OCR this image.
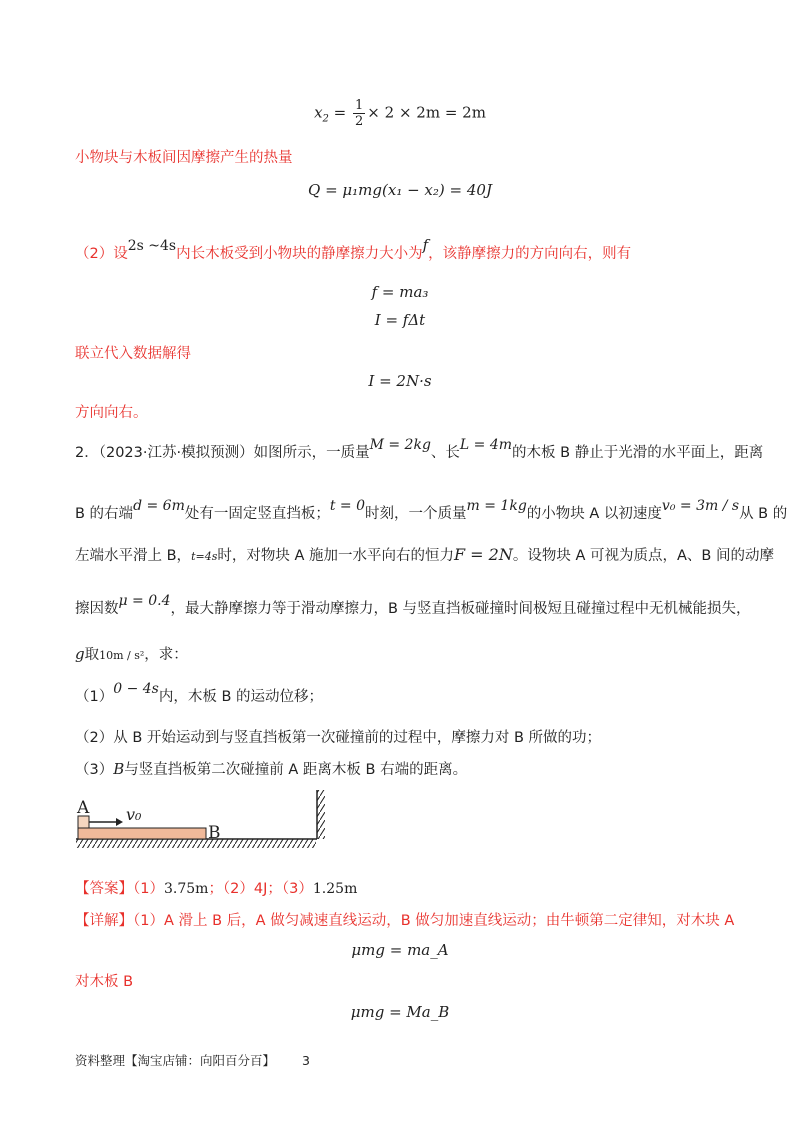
$x_2 = \frac{1}{2} \times 2 \times 2m = 2m$
小物块与木板间因摩擦产生的热量
Q = μ₁mg(x₁ − x₂) = 40J
（2）设2s ~4s内长木板受到小物块的静摩擦力大小为f，该静摩擦力的方向向右，则有
f = ma₃
I = fΔt
联立代入数据解得
I = 2N·s
方向向右。
2．（2023·江苏·模拟预测）如图所示，一质量M = 2kg、长L = 4m的木板 B 静止于光滑的水平面上，距离
B 的右端d = 6m处有一固定竖直挡板；t = 0时刻，一个质量m = 1kg的小物块 A 以初速度v₀ = 3m / s从 B 的
左端水平滑上 B，t=4s时，对物块 A 施加一水平向右的恒力F = 2N。设物块 A 可视为质点，A、B 间的动摩
擦因数μ = 0.4，最大静摩擦力等于滑动摩擦力，B 与竖直挡板碰撞时间极短且碰撞过程中无机械能损失，
g取10m / s²，求：
（1）0 − 4s内，木板 B 的运动位移；
（2）从 B 开始运动到与竖直挡板第一次碰撞前的过程中，摩擦力对 B 所做的功；
（3）B与竖直挡板第二次碰撞前 A 距离木板 B 右端的距离。
A
B
v₀
【答案】（1）3.75m；（2）4J；（3）1.25m
【详解】（1）A 滑上 B 后，A 做匀减速直线运动，B 做匀加速直线运动；由牛顿第二定律知，对木块 A
μmg = ma_A
对木板 B
μmg = Ma_B
资料整理【淘宝店铺：向阳百分百】 3
